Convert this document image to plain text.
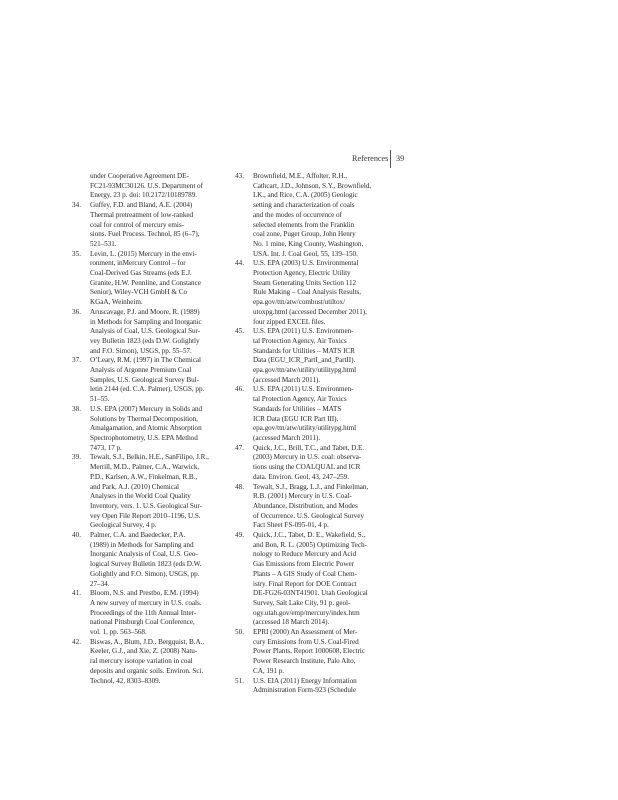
References 39
under Cooperative Agreement DE-
FC21-93MC30126. U.S. Department of
Energy, 23 p. doi: 10.2172/10189789.
34. Guffey, F.D. and Bland, A.E. (2004)
Thermal pretreatment of low-ranked
coal for control of mercury emis-
sions. Fuel Process. Technol, 85 (6–7),
521–531.
35. Levin, L. (2015) Mercury in the envi-
ronment, inMercury Control – for
Coal-Derived Gas Streams (eds E.J.
Granite, H.W. Pennline, and Constance
Senior), Wiley-VCH GmbH & Co
KGaA, Weinheim.
36. Aruscavage, P.J. and Moore, R. (1989)
in Methods for Sampling and Inorganic
Analysis of Coal, U.S. Geological Sur-
vey Bulletin 1823 (eds D.W. Golightly
and F.O. Simon), USGS, pp. 55–57.
37. O’Leary, R.M. (1997) in The Chemical
Analysis of Argonne Premium Coal
Samples, U.S. Geological Survey Bul-
letin 2144 (ed. C.A. Palmer), USGS, pp.
51–55.
38. U.S. EPA (2007) Mercury in Solids and
Solutions by Thermal Decomposition,
Amalgamation, and Atomic Absorption
Spectrophotometry, U.S. EPA Method
7473, 17 p.
39. Tewalt, S.J., Belkin, H.E., SanFilipo, J.R.,
Merrill, M.D., Palmer, C.A., Warwick,
P.D., Karlsen, A.W., Finkelman, R.B.,
and Park, A.J. (2010) Chemical
Analyses in the World Coal Quality
Inventory, vers. 1. U.S. Geological Sur-
vey Open File Report 2010–1196, U.S.
Geological Survey, 4 p.
40. Palmer, C.A. and Baedecker, P.A.
(1989) in Methods for Sampling and
Inorganic Analysis of Coal, U.S. Geo-
logical Survey Bulletin 1823 (eds D.W.
Golightly and F.O. Simon), USGS, pp.
27–34.
41. Bloom, N.S. and Prestbo, E.M. (1994)
A new survey of mercury in U.S. coals.
Proceedings of the 11th Annual Inter-
national Pittsburgh Coal Conference,
vol. 1, pp. 563–568.
42. Biswas, A., Blum, J.D., Bergquist, B.A.,
Keeler, G.J., and Xie, Z. (2008) Natu-
ral mercury isotope variation in coal
deposits and organic soils. Environ. Sci.
Technol, 42, 8303–8309.
43. Brownfield, M.E., Affolter, R.H.,
Cathcart, J.D., Johnson, S.Y., Brownfield,
I.K., and Rice, C.A. (2005) Geologic
setting and characterization of coals
and the modes of occurrence of
selected elements from the Franklin
coal zone, Puget Group, John Henry
No. 1 mine, King County, Washington,
USA. Int. J. Coal Geol, 55, 139–150.
44. U.S. EPA (2003) U.S. Environmental
Protection Agency, Electric Utility
Steam Generating Units Section 112
Rule Making – Coal Analysis Results,
epa.gov/ttn/atw/combust/utiltox/
utoxpg.html (accessed December 2011),
four zipped EXCEL files.
45. U.S. EPA (2011) U.S. Environmen-
tal Protection Agency, Air Toxics
Standards for Utilities – MATS ICR
Data (EGU_ICR_PartI_and_PartII).
epa.gov/ttn/atw/utility/utilitypg.html
(accessed March 2011).
46. U.S. EPA (2011) U.S. Environmen-
tal Protection Agency, Air Toxics
Standards for Utilities – MATS
ICR Data (EGU ICR Part III).
epa.gov/ttn/atw/utility/utilitypg.html
(accessed March 2011).
47. Quick, J.C., Brill, T.C., and Tabet, D.E.
(2003) Mercury in U.S. coal: observa-
tions using the COALQUAL and ICR
data. Environ. Geol, 43, 247–259.
48. Tewalt, S.J., Bragg, L.J., and Finkelman,
R.B. (2001) Mercury in U.S. Coal-
Abundance, Distribution, and Modes
of Occurrence. U.S. Geological Survey
Fact Sheet FS-095-01, 4 p.
49. Quick, J.C., Tabet, D. E., Wakefield, S.,
and Bon, R. L. (2005) Optimizing Tech-
nology to Reduce Mercury and Acid
Gas Emissions from Electric Power
Plants – A GIS Study of Coal Chem-
istry. Final Report for DOE Contract
DE-FG26-03NT41901. Utah Geological
Survey, Salt Lake City, 91 p. geol-
ogy.utah.gov/emp/mercury/index.htm
(accessed 18 March 2014).
50. EPRI (2000) An Assessment of Mer-
cury Emissions from U.S. Coal-Fired
Power Plants, Report 1000608, Electric
Power Research Institute, Palo Alto,
CA, 191 p.
51. U.S. EIA (2011) Energy Information
Administration Form-923 (Schedule
